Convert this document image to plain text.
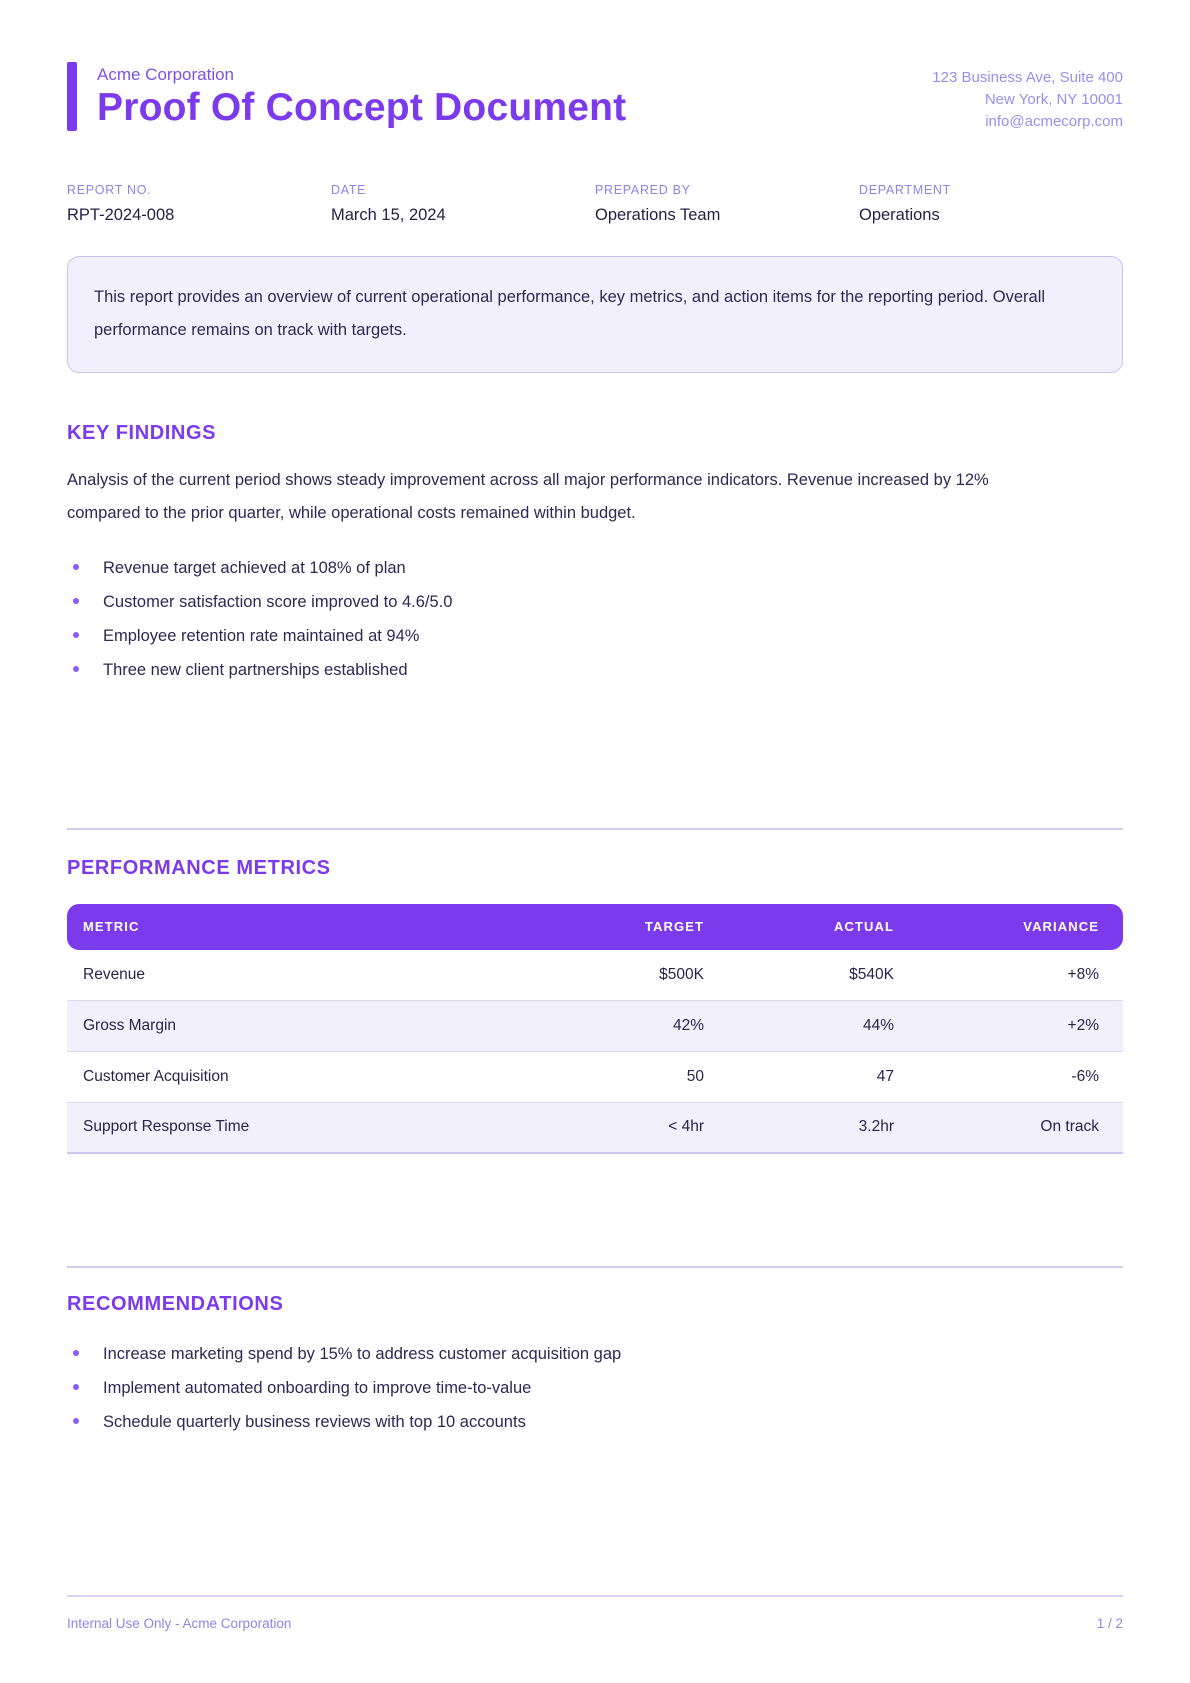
Acme Corporation
Proof Of Concept Document
123 Business Ave, Suite 400
New York, NY 10001
info@acmecorp.com
REPORT NO.
RPT-2024-008
DATE
March 15, 2024
PREPARED BY
Operations Team
DEPARTMENT
Operations
This report provides an overview of current operational performance, key metrics, and action items for the reporting period. Overall performance remains on track with targets.
KEY FINDINGS

Analysis of the current period shows steady improvement across all major performance indicators. Revenue increased by 12% compared to the prior quarter, while operational costs remained within budget.

Revenue target achieved at 108% of plan
Customer satisfaction score improved to 4.6/5.0
Employee retention rate maintained at 94%
Three new client partnerships established
PERFORMANCE METRICS
METRIC	TARGET	ACTUAL	VARIANCE
Revenue	$500K	$540K	+8%
Gross Margin	42%	44%	+2%
Customer Acquisition	50	47	-6%
Support Response Time	< 4hr	3.2hr	On track
RECOMMENDATIONS
Increase marketing spend by 15% to address customer acquisition gap
Implement automated onboarding to improve time-to-value
Schedule quarterly business reviews with top 10 accounts
Internal Use Only - Acme Corporation	1 / 2
